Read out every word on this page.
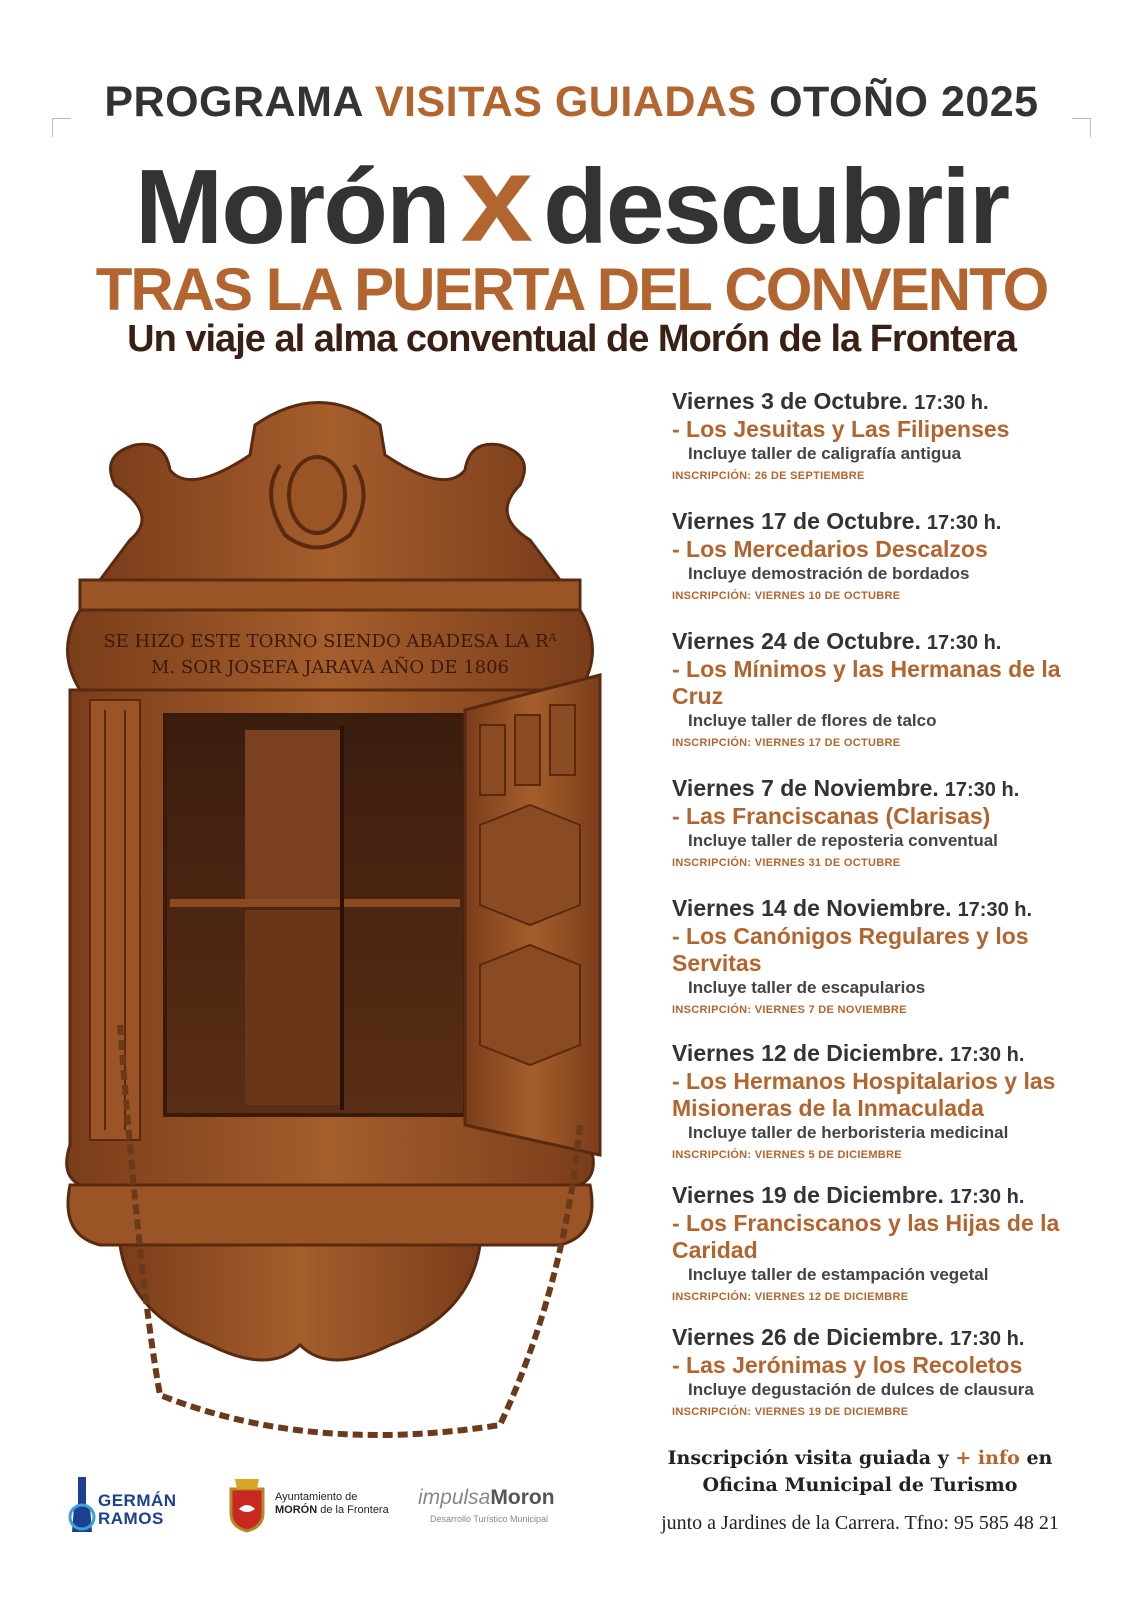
PROGRAMA VISITAS GUIADAS OTOÑO 2025
Morónx descubrir
TRAS LA PUERTA DEL CONVENTO
Un viaje al alma conventual de Morón de la Frontera
SE HIZO ESTE TORNO SIENDO ABADESA LA Rᴬ
M. SOR JOSEFA JARAVA AÑO DE 1806
Viernes 3 de Octubre. 17:30 h.
- Los Jesuitas y Las Filipenses
Incluye taller de caligrafía antigua
INSCRIPCIÓN: 26 DE SEPTIEMBRE
Viernes 17 de Octubre. 17:30 h.
- Los Mercedarios Descalzos
Incluye demostración de bordados
INSCRIPCIÓN: VIERNES 10 DE OCTUBRE
Viernes 24 de Octubre. 17:30 h.
- Los Mínimos y las Hermanas de la Cruz
Incluye taller de flores de talco
INSCRIPCIÓN: VIERNES 17 DE OCTUBRE
Viernes 7 de Noviembre. 17:30 h.
- Las Franciscanas (Clarisas)
Incluye taller de reposteria conventual
INSCRIPCIÓN: VIERNES 31 DE OCTUBRE
Viernes 14 de Noviembre. 17:30 h.
- Los Canónigos Regulares y los Servitas
Incluye taller de escapularios
INSCRIPCIÓN: VIERNES 7 DE NOVIEMBRE
Viernes 12 de Diciembre. 17:30 h.
- Los Hermanos Hospitalarios y las Misioneras de la Inmaculada
Incluye taller de herboristeria medicinal
INSCRIPCIÓN: VIERNES 5 DE DICIEMBRE
Viernes 19 de Diciembre. 17:30 h.
- Los Franciscanos y las Hijas de la Caridad
Incluye taller de estampación vegetal
INSCRIPCIÓN: VIERNES 12 DE DICIEMBRE
Viernes 26 de Diciembre. 17:30 h.
- Las Jerónimas y los Recoletos
Incluye degustación de dulces de clausura
INSCRIPCIÓN: VIERNES 19 DE DICIEMBRE
Inscripción visita guiada y + info en
Oficina Municipal de Turismo
junto a Jardines de la Carrera. Tfno: 95 585 48 21
GERMÁN
RAMOS
Ayuntamiento de
MORÓN de la Frontera
impulsaMoron
Desarrollo Turístico Municipal
